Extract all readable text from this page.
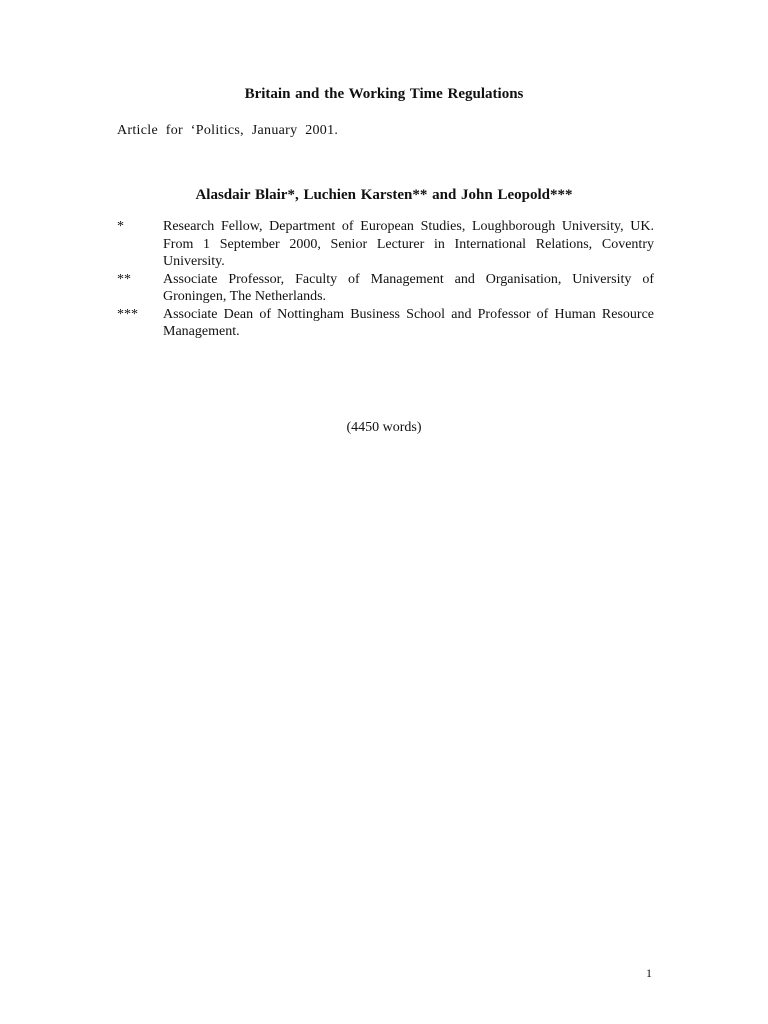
Britain and the Working Time Regulations
Article for ‘Politics, January 2001.
Alasdair Blair*, Luchien Karsten** and John Leopold***
*	Research Fellow, Department of European Studies, Loughborough University, UK. From 1 September 2000, Senior Lecturer in International Relations, Coventry University.
** Associate Professor, Faculty of Management and Organisation, University of Groningen, The Netherlands.
*** Associate Dean of Nottingham Business School and Professor of Human Resource Management.
(4450 words)
1
